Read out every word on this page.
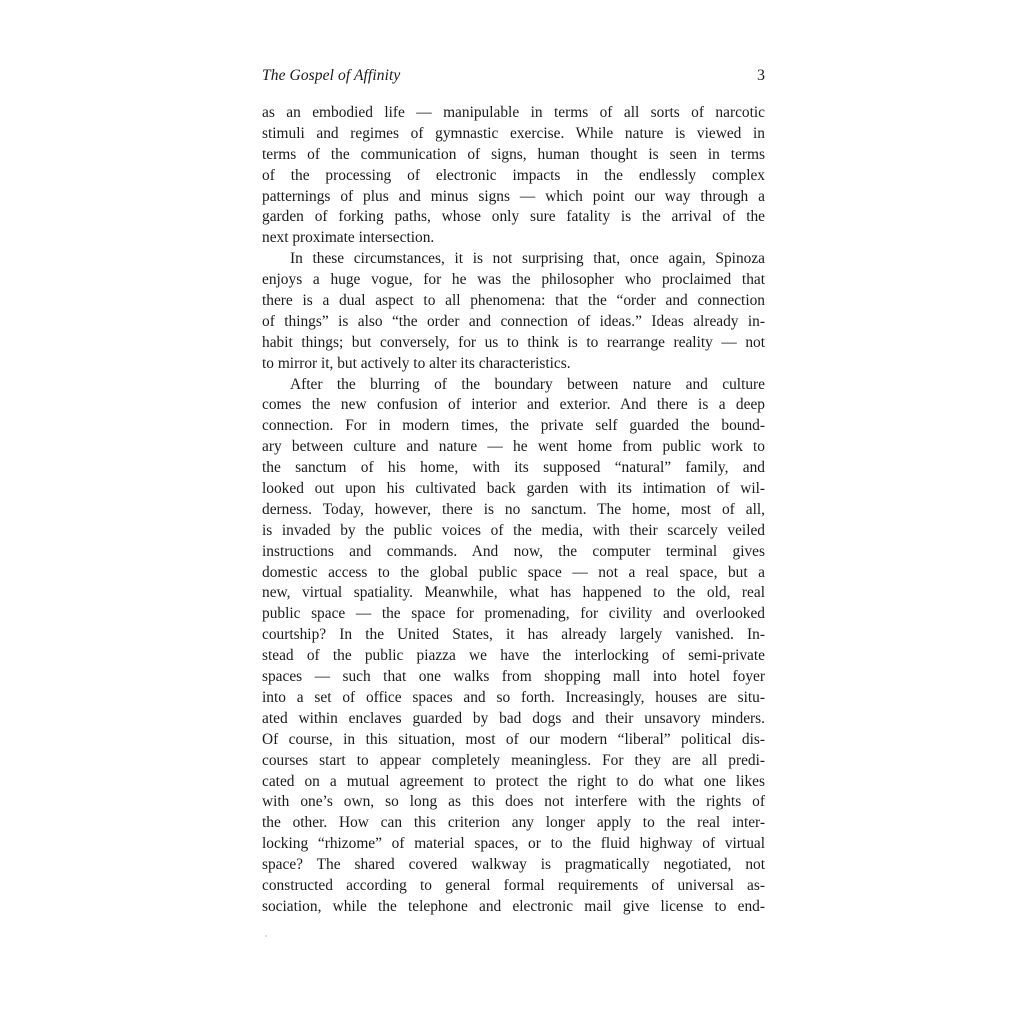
The Gospel of Affinity	3
as an embodied life — manipulable in terms of all sorts of narcotic
stimuli and regimes of gymnastic exercise. While nature is viewed in
terms of the communication of signs, human thought is seen in terms
of the processing of electronic impacts in the endlessly complex
patternings of plus and minus signs — which point our way through a
garden of forking paths, whose only sure fatality is the arrival of the
next proximate intersection.
In these circumstances, it is not surprising that, once again, Spinoza
enjoys a huge vogue, for he was the philosopher who proclaimed that
there is a dual aspect to all phenomena: that the “order and connection
of things” is also “the order and connection of ideas.” Ideas already in-
habit things; but conversely, for us to think is to rearrange reality — not
to mirror it, but actively to alter its characteristics.
After the blurring of the boundary between nature and culture
comes the new confusion of interior and exterior. And there is a deep
connection. For in modern times, the private self guarded the bound-
ary between culture and nature — he went home from public work to
the sanctum of his home, with its supposed “natural” family, and
looked out upon his cultivated back garden with its intimation of wil-
derness. Today, however, there is no sanctum. The home, most of all,
is invaded by the public voices of the media, with their scarcely veiled
instructions and commands. And now, the computer terminal gives
domestic access to the global public space — not a real space, but a
new, virtual spatiality. Meanwhile, what has happened to the old, real
public space — the space for promenading, for civility and overlooked
courtship? In the United States, it has already largely vanished. In-
stead of the public piazza we have the interlocking of semi-private
spaces — such that one walks from shopping mall into hotel foyer
into a set of office spaces and so forth. Increasingly, houses are situ-
ated within enclaves guarded by bad dogs and their unsavory minders.
Of course, in this situation, most of our modern “liberal” political dis-
courses start to appear completely meaningless. For they are all predi-
cated on a mutual agreement to protect the right to do what one likes
with one’s own, so long as this does not interfere with the rights of
the other. How can this criterion any longer apply to the real inter-
locking “rhizome” of material spaces, or to the fluid highway of virtual
space? The shared covered walkway is pragmatically negotiated, not
constructed according to general formal requirements of universal as-
sociation, while the telephone and electronic mail give license to end-
